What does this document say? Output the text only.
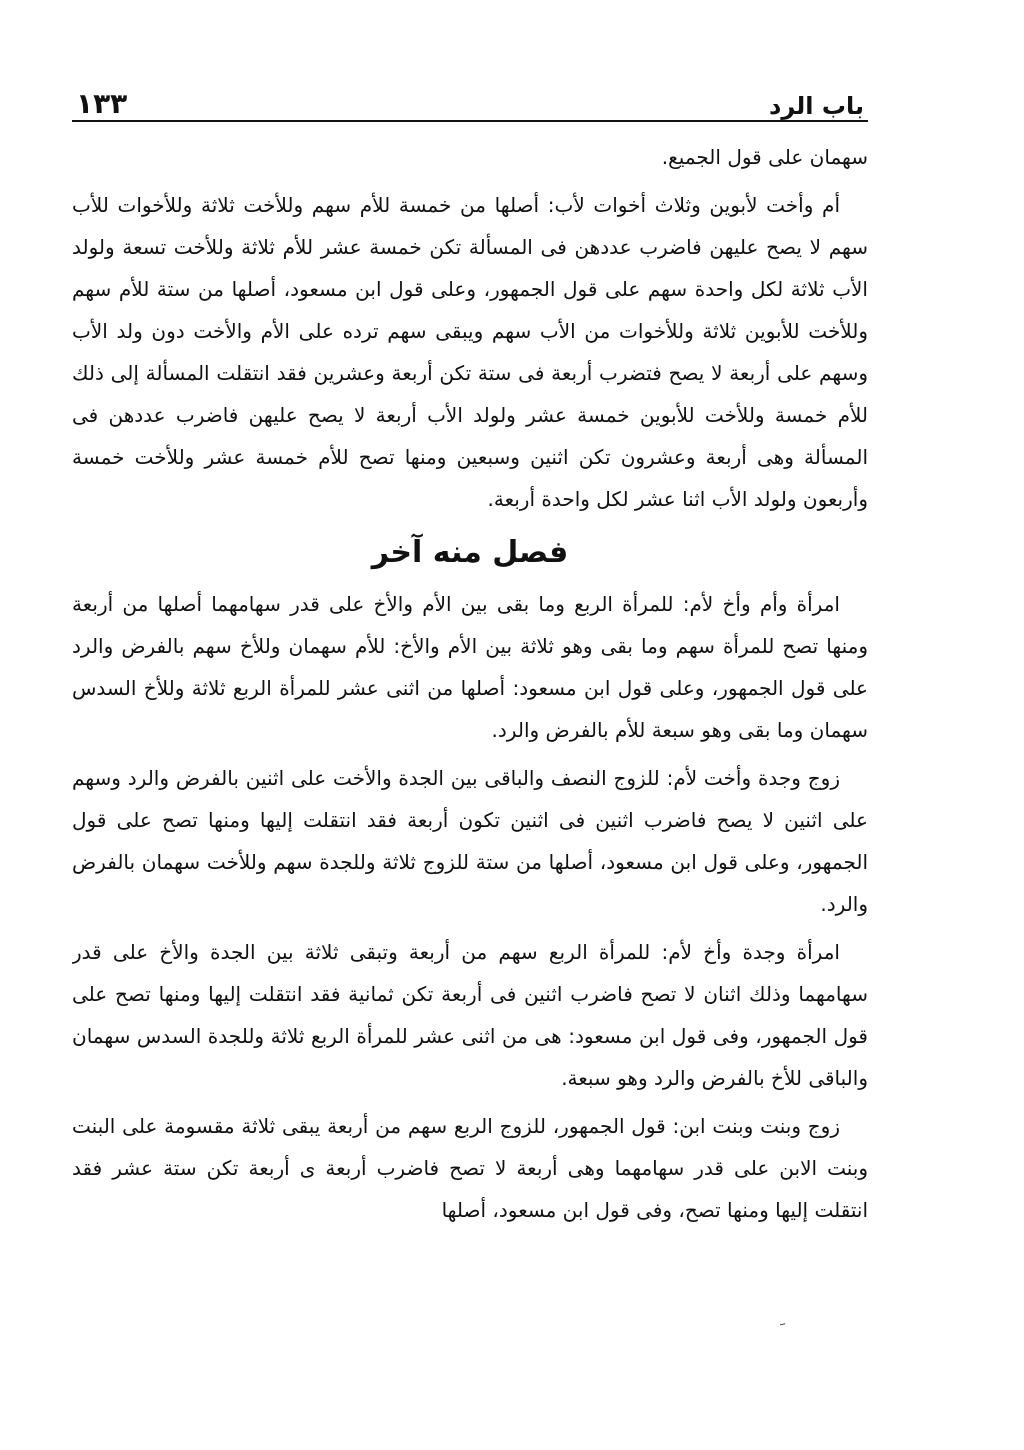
باب الرد
١٣٣

سهمان على قول الجميع.

أم وأخت لأبوين وثلاث أخوات لأب: أصلها من خمسة للأم سهم وللأخت ثلاثة وللأخوات للأب سهم لا يصح عليهن فاضرب عددهن فى المسألة تكن خمسة عشر للأم ثلاثة وللأخت تسعة ولولد الأب ثلاثة لكل واحدة سهم على قول الجمهور، وعلى قول ابن مسعود، أصلها من ستة للأم سهم وللأخت للأبوين ثلاثة وللأخوات من الأب سهم ويبقى سهم ترده على الأم والأخت دون ولد الأب وسهم على أربعة لا يصح فتضرب أربعة فى ستة تكن أربعة وعشرين فقد انتقلت المسألة إلى ذلك للأم خمسة وللأخت للأبوين خمسة عشر ولولد الأب أربعة لا يصح عليهن فاضرب عددهن فى المسألة وهى أربعة وعشرون تكن اثنين وسبعين ومنها تصح للأم خمسة عشر وللأخت خمسة وأربعون ولولد الأب اثنا عشر لكل واحدة أربعة.

فصل منه آخر

امرأة وأم وأخ لأم: للمرأة الربع وما بقى بين الأم والأخ على قدر سهامهما أصلها من أربعة ومنها تصح للمرأة سهم وما بقى وهو ثلاثة بين الأم والأخ: للأم سهمان وللأخ سهم بالفرض والرد على قول الجمهور، وعلى قول ابن مسعود: أصلها من اثنى عشر للمرأة الربع ثلاثة وللأخ السدس سهمان وما بقى وهو سبعة للأم بالفرض والرد.

زوج وجدة وأخت لأم: للزوج النصف والباقى بين الجدة والأخت على اثنين بالفرض والرد وسهم على اثنين لا يصح فاضرب اثنين فى اثنين تكون أربعة فقد انتقلت إليها ومنها تصح على قول الجمهور، وعلى قول ابن مسعود، أصلها من ستة للزوج ثلاثة وللجدة سهم وللأخت سهمان بالفرض والرد.

امرأة وجدة وأخ لأم: للمرأة الربع سهم من أربعة وتبقى ثلاثة بين الجدة والأخ على قدر سهامهما وذلك اثنان لا تصح فاضرب اثنين فى أربعة تكن ثمانية فقد انتقلت إليها ومنها تصح على قول الجمهور، وفى قول ابن مسعود: هى من اثنى عشر للمرأة الربع ثلاثة وللجدة السدس سهمان والباقى للأخ بالفرض والرد وهو سبعة.

زوج وبنت وبنت ابن: قول الجمهور، للزوج الربع سهم من أربعة يبقى ثلاثة مقسومة على البنت وبنت الابن على قدر سهامهما وهى أربعة لا تصح فاضرب أربعة ى أربعة تكن ستة عشر فقد انتقلت إليها ومنها تصح، وفى قول ابن مسعود، أصلها

ﹶ
